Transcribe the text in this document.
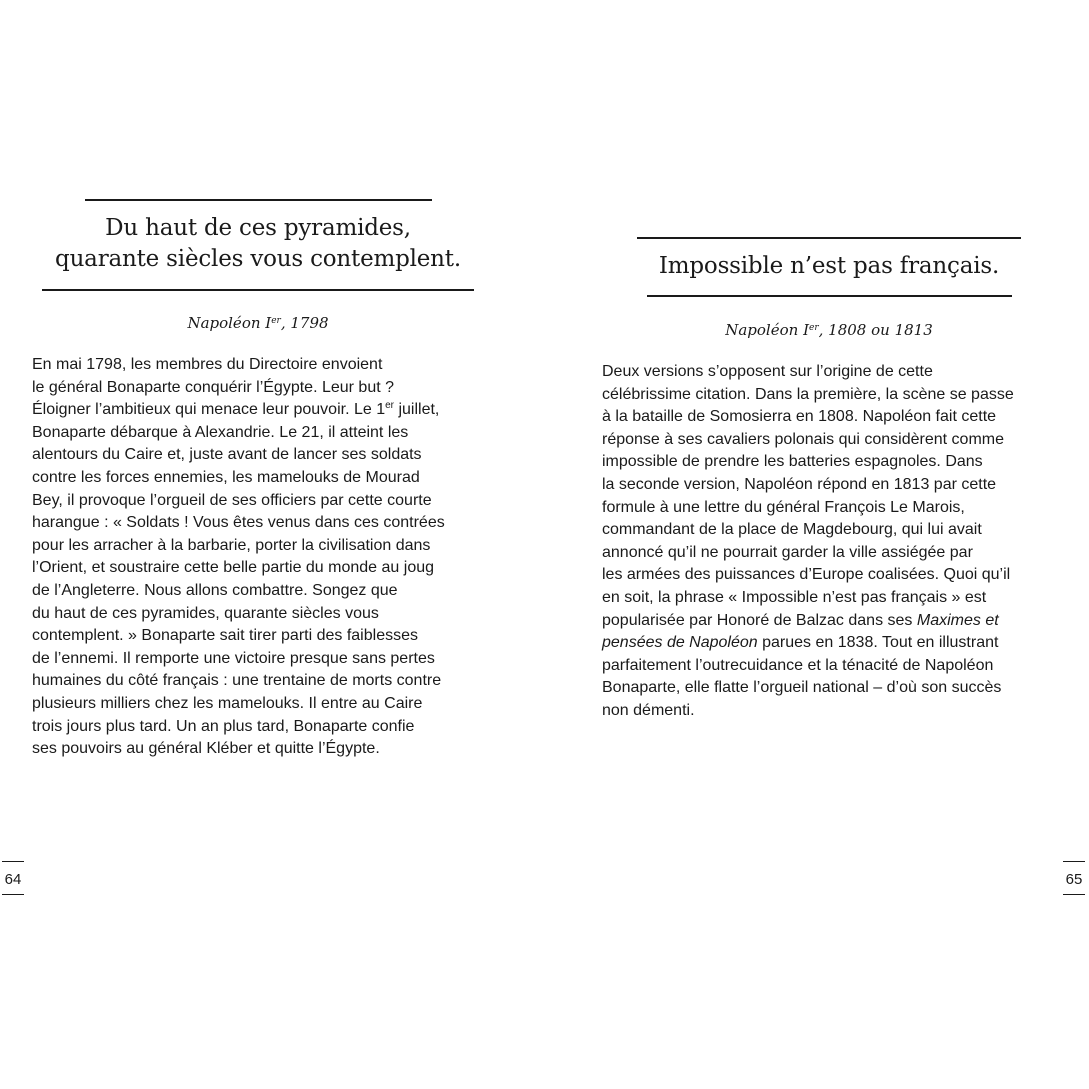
Du haut de ces pyramides,
quarante siècles vous contemplent.
Napoléon Ier, 1798
En mai 1798, les membres du Directoire envoient
le général Bonaparte conquérir l’Égypte. Leur but ?
Éloigner l’ambitieux qui menace leur pouvoir. Le 1er juillet,
Bonaparte débarque à Alexandrie. Le 21, il atteint les
alentours du Caire et, juste avant de lancer ses soldats
contre les forces ennemies, les mamelouks de Mourad
Bey, il provoque l’orgueil de ses officiers par cette courte
harangue : « Soldats ! Vous êtes venus dans ces contrées
pour les arracher à la barbarie, porter la civilisation dans
l’Orient, et soustraire cette belle partie du monde au joug
de l’Angleterre. Nous allons combattre. Songez que
du haut de ces pyramides, quarante siècles vous
contemplent. » Bonaparte sait tirer parti des faiblesses
de l’ennemi. Il remporte une victoire presque sans pertes
humaines du côté français : une trentaine de morts contre
plusieurs milliers chez les mamelouks. Il entre au Caire
trois jours plus tard. Un an plus tard, Bonaparte confie
ses pouvoirs au général Kléber et quitte l’Égypte.
64
Impossible n’est pas français.
Napoléon Ier, 1808 ou 1813
Deux versions s’opposent sur l’origine de cette
célébrissime citation. Dans la première, la scène se passe
à la bataille de Somosierra en 1808. Napoléon fait cette
réponse à ses cavaliers polonais qui considèrent comme
impossible de prendre les batteries espagnoles. Dans
la seconde version, Napoléon répond en 1813 par cette
formule à une lettre du général François Le Marois,
commandant de la place de Magdebourg, qui lui avait
annoncé qu’il ne pourrait garder la ville assiégée par
les armées des puissances d’Europe coalisées. Quoi qu’il
en soit, la phrase « Impossible n’est pas français » est
popularisée par Honoré de Balzac dans ses Maximes et
pensées de Napoléon parues en 1838. Tout en illustrant
parfaitement l’outrecuidance et la ténacité de Napoléon
Bonaparte, elle flatte l’orgueil national – d’où son succès
non démenti.
65
